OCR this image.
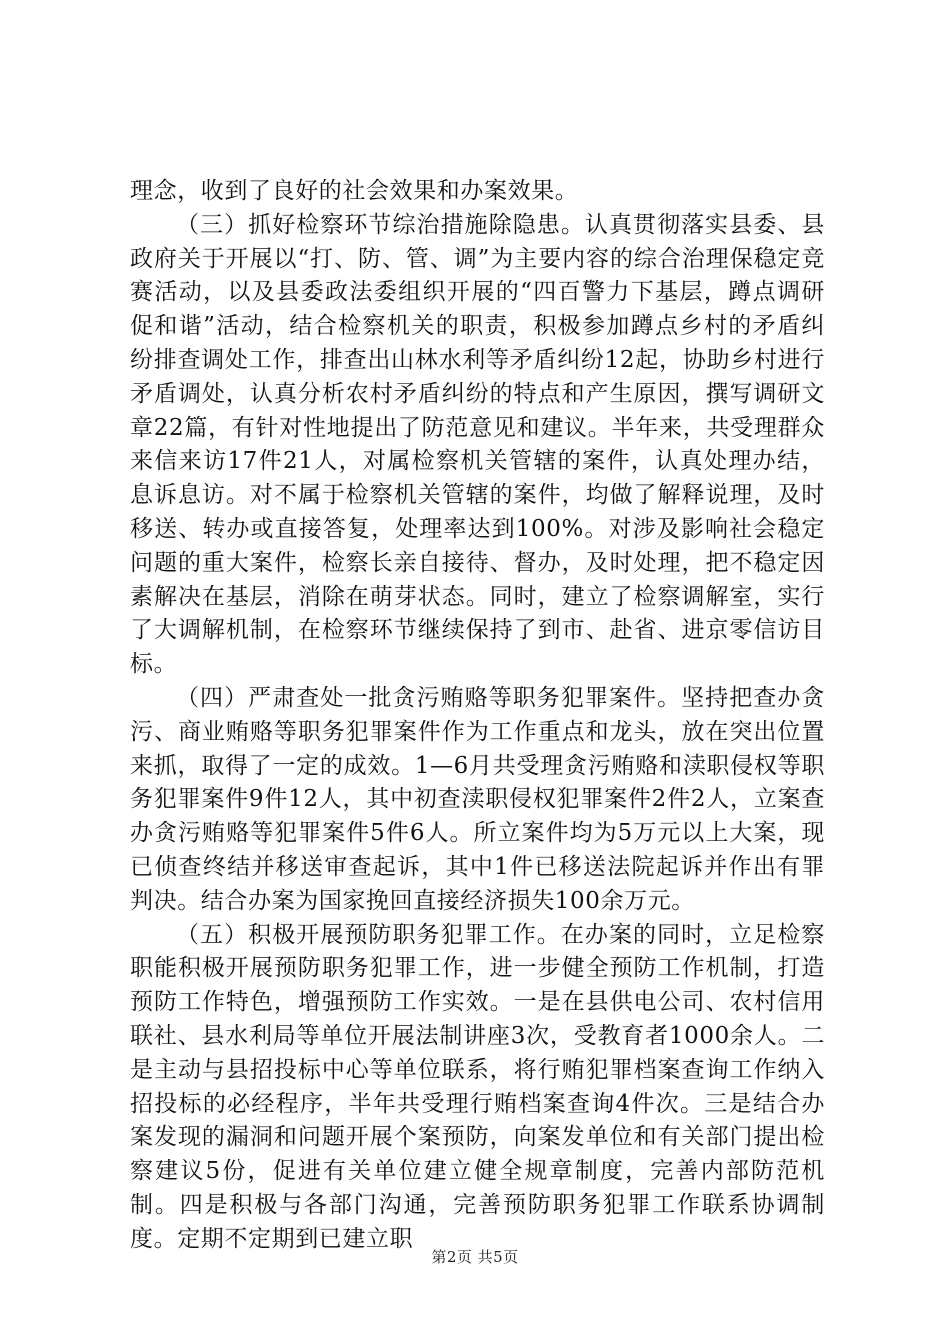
理念，收到了良好的社会效果和办案效果。

（三）抓好检察环节综治措施除隐患。认真贯彻落实县委、县政府关于开展以“打、防、管、调”为主要内容的综合治理保稳定竞赛活动，以及县委政法委组织开展的“四百警力下基层，蹲点调研促和谐”活动，结合检察机关的职责，积极参加蹲点乡村的矛盾纠纷排查调处工作，排查出山林水利等矛盾纠纷12起，协助乡村进行矛盾调处，认真分析农村矛盾纠纷的特点和产生原因，撰写调研文章22篇，有针对性地提出了防范意见和建议。半年来，共受理群众来信来访17件21人，对属检察机关管辖的案件，认真处理办结，息诉息访。对不属于检察机关管辖的案件，均做了解释说理，及时移送、转办或直接答复，处理率达到100%。对涉及影响社会稳定问题的重大案件，检察长亲自接待、督办，及时处理，把不稳定因素解决在基层，消除在萌芽状态。同时，建立了检察调解室，实行了大调解机制，在检察环节继续保持了到市、赴省、进京零信访目标。

（四）严肃查处一批贪污贿赂等职务犯罪案件。坚持把查办贪污、商业贿赂等职务犯罪案件作为工作重点和龙头，放在突出位置来抓，取得了一定的成效。1—6月共受理贪污贿赂和渎职侵权等职务犯罪案件9件12人，其中初查渎职侵权犯罪案件2件2人，立案查办贪污贿赂等犯罪案件5件6人。所立案件均为5万元以上大案，现已侦查终结并移送审查起诉，其中1件已移送法院起诉并作出有罪判决。结合办案为国家挽回直接经济损失100余万元。

（五）积极开展预防职务犯罪工作。在办案的同时，立足检察职能积极开展预防职务犯罪工作，进一步健全预防工作机制，打造预防工作特色，增强预防工作实效。一是在县供电公司、农村信用联社、县水利局等单位开展法制讲座3次，受教育者1000余人。二是主动与县招投标中心等单位联系，将行贿犯罪档案查询工作纳入招投标的必经程序，半年共受理行贿档案查询4件次。三是结合办案发现的漏洞和问题开展个案预防，向案发单位和有关部门提出检察建议5份，促进有关单位建立健全规章制度，完善内部防范机制。四是积极与各部门沟通，完善预防职务犯罪工作联系协调制度。定期不定期到已建立职

第2页 共5页
